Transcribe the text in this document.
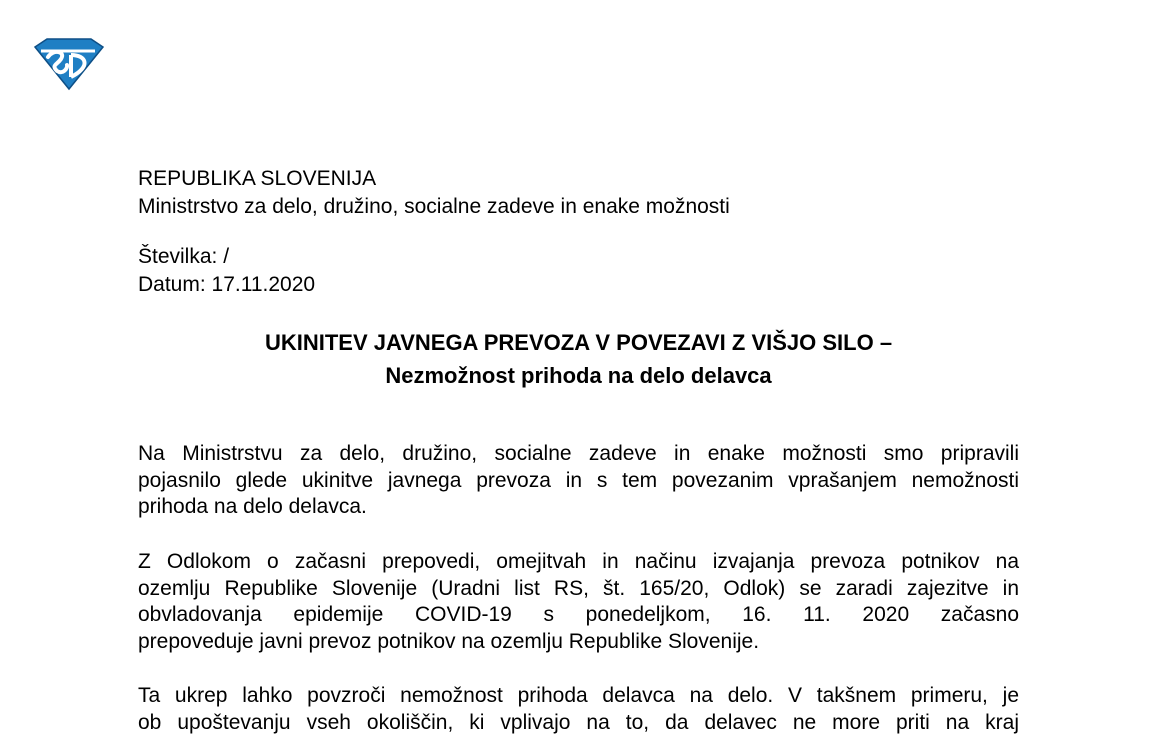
REPUBLIKA SLOVENIJA
Ministrstvo za delo, družino, socialne zadeve in enake možnosti
Številka: /
Datum: 17.11.2020
UKINITEV JAVNEGA PREVOZA V POVEZAVI Z VIŠJO SILO –
Nezmožnost prihoda na delo delavca
Na Ministrstvu za delo, družino, socialne zadeve in enake možnosti smo pripravili
pojasnilo glede ukinitve javnega prevoza in s tem povezanim vprašanjem nemožnosti
prihoda na delo delavca.
Z Odlokom o začasni prepovedi, omejitvah in načinu izvajanja prevoza potnikov na
ozemlju Republike Slovenije (Uradni list RS, št. 165/20, Odlok) se zaradi zajezitve in
obvladovanja epidemije COVID-19 s ponedeljkom, 16. 11. 2020 začasno
prepoveduje javni prevoz potnikov na ozemlju Republike Slovenije.
Ta ukrep lahko povzroči nemožnost prihoda delavca na delo. V takšnem primeru, je
ob upoštevanju vseh okoliščin, ki vplivajo na to, da delavec ne more priti na kraj
